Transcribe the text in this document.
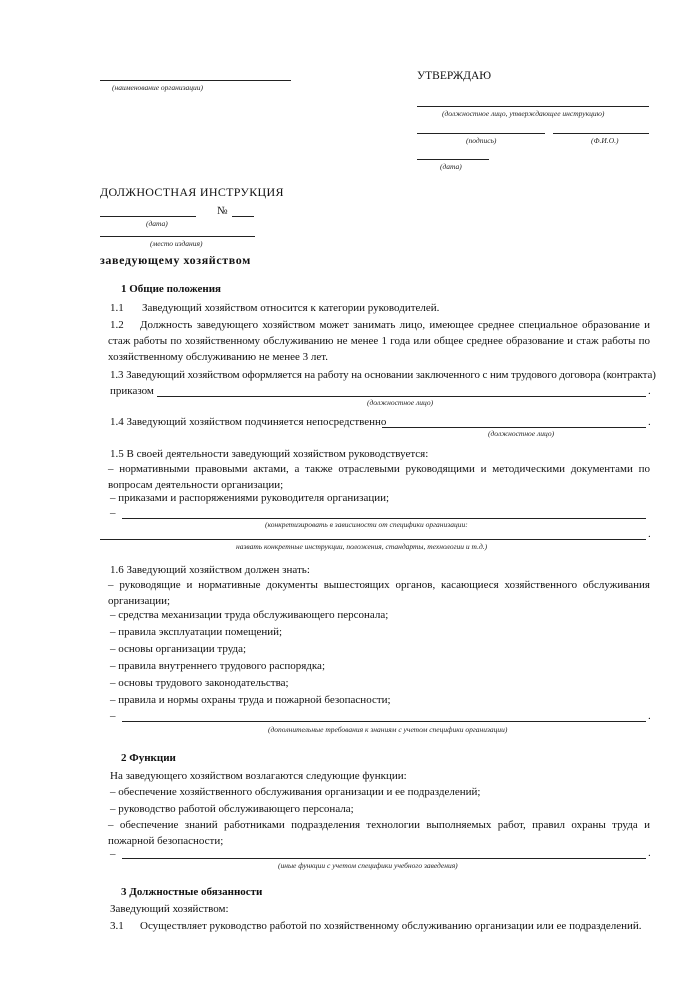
(наименование организации)
УТВЕРЖДАЮ
(должностное лицо, утверждающее инструкцию)
(подпись)	(Ф.И.О.)
(дата)
ДОЛЖНОСТНАЯ ИНСТРУКЦИЯ
№
(дата)
(место издания)
заведующему хозяйством
1 Общие положения
1.1 Заведующий хозяйством относится к категории руководителей.
1.2	Должность заведующего хозяйством может занимать лицо, имеющее среднее специальное образование и стаж работы по хозяйственному обслуживанию не менее 1 года или общее среднее образование и стаж работы по хозяйственному обслуживанию не менее 3 лет.
1.3 Заведующий хозяйством оформляется на работу на основании заключенного с ним трудового договора (контракта)
приказом	.
(должностное лицо)
1.4 Заведующий хозяйством подчиняется непосредственно	.
(должностное лицо)
1.5 В своей деятельности заведующий хозяйством руководствуется:
– нормативными правовыми актами, а также отраслевыми руководящими и методическими документами по вопросам деятельности организации;
– приказами и распоряжениями руководителя организации;
–
(конкретизировать в зависимости от специфики организации:
.
назвать конкретные инструкции, положения, стандарты, технологии и т.д.)
1.6 Заведующий хозяйством должен знать:
– руководящие и нормативные документы вышестоящих органов, касающиеся хозяйственного обслуживания организации;
– средства механизации труда обслуживающего персонала;
– правила эксплуатации помещений;
– основы организации труда;
– правила внутреннего трудового распорядка;
– основы трудового законодательства;
– правила и нормы охраны труда и пожарной безопасности;
–	.
(дополнительные требования к знаниям с учетом специфики организации)
2 Функции
На заведующего хозяйством возлагаются следующие функции:
– обеспечение хозяйственного обслуживания организации и ее подразделений;
– руководство работой обслуживающего персонала;
– обеспечение знаний работниками подразделения технологии выполняемых работ, правил охраны труда и пожарной безопасности;
–	.
(иные функции с учетом специфики учебного заведения)
3 Должностные обязанности
Заведующий хозяйством:
3.1 Осуществляет руководство работой по хозяйственному обслуживанию организации или ее подразделений.
